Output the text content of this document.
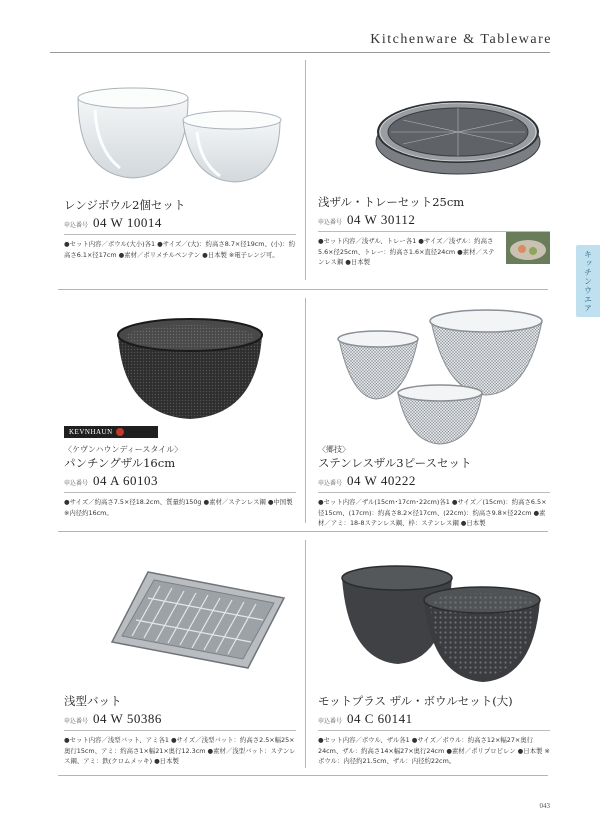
Kitchenware & Tableware
キッチンウエア
KEVNHAUN
レンジボウル2個セット
申込番号 04 W 10014
●セット内容／ボウル(大小)各1 ●サイズ／(大)：約高さ8.7×径19cm、(小)：約高さ6.1×径17cm ●素材／ポリメチルペンテン ●日本製 ※電子レンジ可。
浅ザル・トレーセット25cm
申込番号 04 W 30112
●セット内容／浅ザル、トレー各1 ●サイズ／浅ザル：約高さ5.6×径25cm、トレー：約高さ1.6×直径24cm ●素材／ステンレス鋼 ●日本製
〈ケヴンハウンディースタイル〉
パンチングザル16cm
申込番号 04 A 60103
●サイズ／約高さ7.5×径18.2cm、質量約150g ●素材／ステンレス鋼 ●中国製 ※内径約16cm。
〈郷技〉
ステンレスザル3ピースセット
申込番号 04 W 40222
●セット内容／ザル(15cm･17cm･22cm)各1 ●サイズ／(15cm)：約高さ6.5×径15cm、(17cm)：約高さ8.2×径17cm、(22cm)：約高さ9.8×径22cm ●素材／アミ：18-8ステンレス鋼、枠：ステンレス鋼 ●日本製
浅型バット
申込番号 04 W 50386
●セット内容／浅型バット、アミ各1 ●サイズ／浅型バット：約高さ2.5×幅25×奥行15cm、アミ：約高さ1×幅21×奥行12.3cm ●素材／浅型バット：ステンレス鋼、アミ：鉄(クロムメッキ) ●日本製
モットプラス ザル・ボウルセット(大)
申込番号 04 C 60141
●セット内容／ボウル、ザル各1 ●サイズ／ボウル：約高さ12×幅27×奥行24cm、ザル：約高さ14×幅27×奥行24cm ●素材／ポリプロピレン ●日本製 ※ボウル：内径約21.5cm、ザル：内径約22cm。
043
